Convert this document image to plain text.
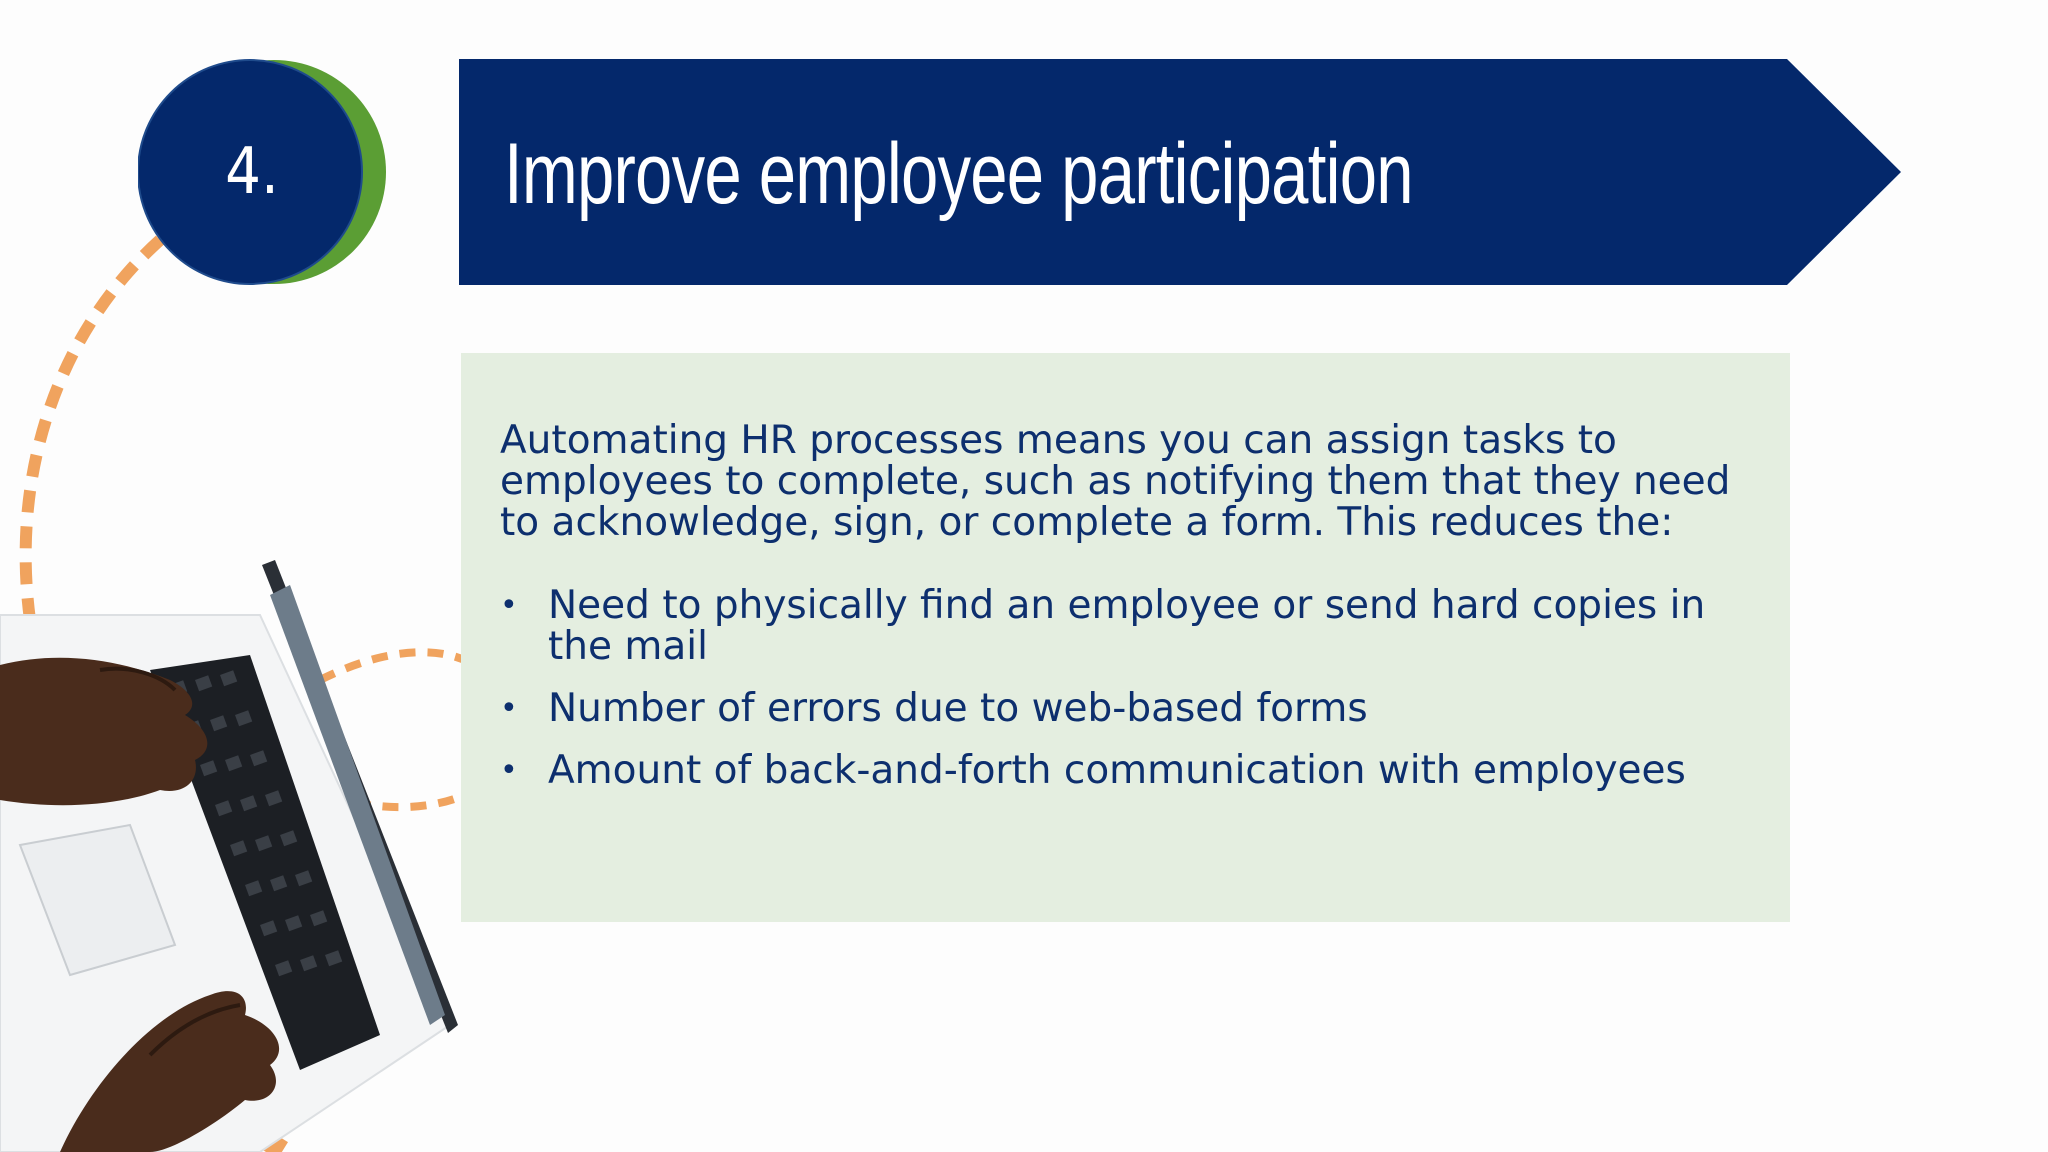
4.	Improve employee participation

Automating HR processes means you can assign tasks to employees to complete, such as notifying them that they need to acknowledge, sign, or complete a form. This reduces the:

• Need to physically find an employee or send hard copies in the mail
• Number of errors due to web-based forms
• Amount of back-and-forth communication with employees
